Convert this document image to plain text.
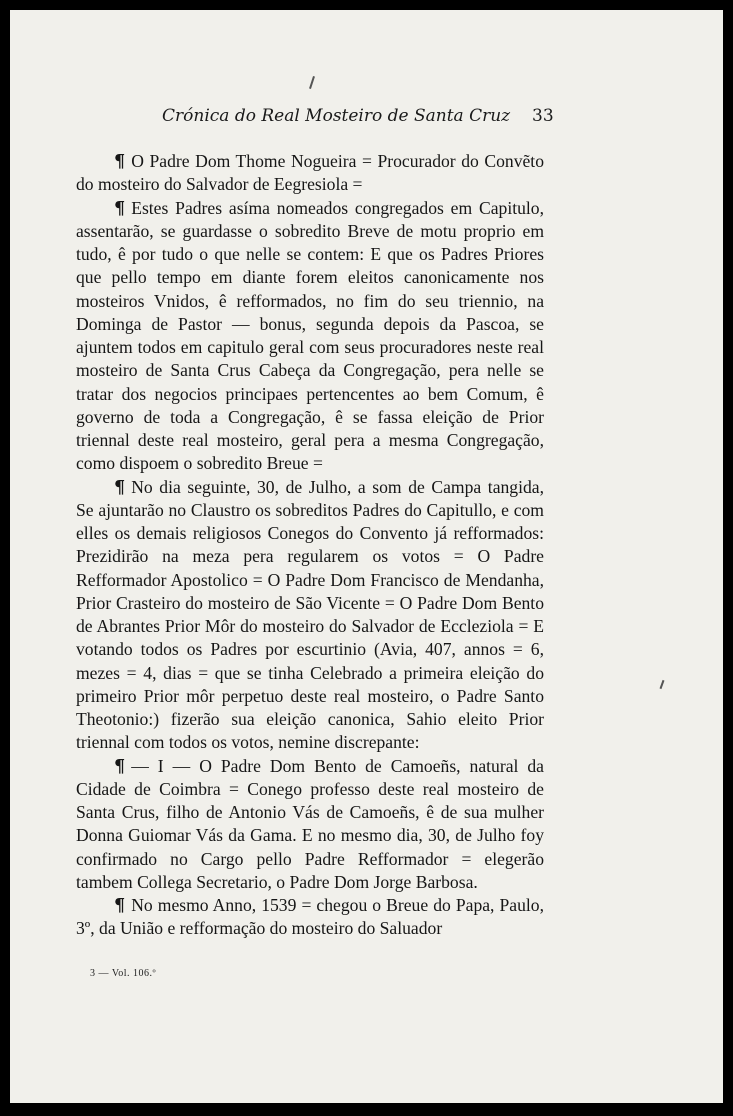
Crónica do Real Mosteiro de Santa Cruz 33

¶ O Padre Dom Thome Nogueira = Procurador do Convẽto do mosteiro do Salvador de Eegresiola =

¶ Estes Padres asíma nomeados congregados em Capitulo, assentarão, se guardasse o sobredito Breve de motu proprio em tudo, ê por tudo o que nelle se contem: E que os Padres Priores que pello tempo em diante forem eleitos canonicamente nos mosteiros Vnidos, ê refformados, no fim do seu triennio, na Dominga de Pastor — bonus, segunda depois da Pascoa, se ajuntem todos em capitulo geral com seus procuradores neste real mosteiro de Santa Crus Cabeça da Congregação, pera nelle se tratar dos negocios principaes pertencentes ao bem Comum, ê governo de toda a Congregação, ê se fassa eleição de Prior triennal deste real mosteiro, geral pera a mesma Congregação, como dispoem o sobredito Breue =

¶ No dia seguinte, 30, de Julho, a som de Campa tangida, Se ajuntarão no Claustro os sobreditos Padres do Capitullo, e com elles os demais religiosos Conegos do Convento já refformados: Prezidirão na meza pera regularem os votos = O Padre Refformador Apostolico = O Padre Dom Francisco de Mendanha, Prior Crasteiro do mosteiro de São Vicente = O Padre Dom Bento de Abrantes Prior Môr do mosteiro do Salvador de Eccleziola = E votando todos os Padres por escurtinio (Avia, 407, annos = 6, mezes = 4, dias = que se tinha Celebrado a primeira eleição do primeiro Prior môr perpetuo deste real mosteiro, o Padre Santo Theotonio:) fizerão sua eleição canonica, Sahio eleito Prior triennal com todos os votos, nemine discrepante:

¶ — I — O Padre Dom Bento de Camoeñs, natural da Cidade de Coimbra = Conego professo deste real mosteiro de Santa Crus, filho de Antonio Vás de Camoeñs, ê de sua mulher Donna Guiomar Vás da Gama. E no mesmo dia, 30, de Julho foy confirmado no Cargo pello Padre Refformador = elegerão tambem Collega Secretario, o Padre Dom Jorge Barbosa.

¶ No mesmo Anno, 1539 = chegou o Breue do Papa, Paulo, 3º, da União e refformação do mosteiro do Saluador

3 — Vol. 106.º
